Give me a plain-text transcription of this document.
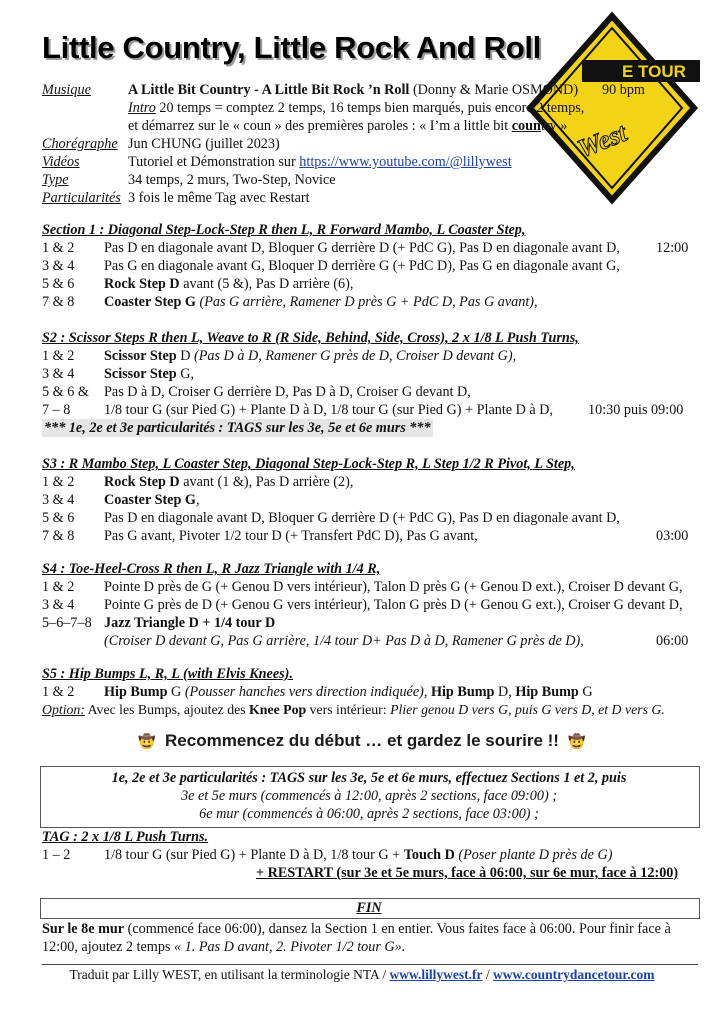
E TOUR
West
Little Country, Little Rock And Roll
Musique	A Little Bit Country - A Little Bit Rock ’n Roll (Donny & Marie OSMOND) 90 bpm
Intro 20 temps = comptez 2 temps, 16 temps bien marqués, puis encore 2 temps,
et démarrez sur le « coun » des premières paroles : « I’m a little bit country »
Chorégraphe Jun CHUNG (juillet 2023)
Vidéos	Tutoriel et Démonstration sur https://www.youtube.com/@lillywest
Type	34 temps, 2 murs, Two-Step, Novice
Particularités 3 fois le même Tag avec Restart
Section 1 : Diagonal Step-Lock-Step R then L, R Forward Mambo, L Coaster Step,
1 & 2 Pas D en diagonale avant D, Bloquer G derrière D (+ PdC G), Pas D en diagonale avant D,	12:00
3 & 4 Pas G en diagonale avant G, Bloquer D derrière G (+ PdC D), Pas G en diagonale avant G,
5 & 6 Rock Step D avant (5 &), Pas D arrière (6),
7 & 8 Coaster Step G (Pas G arrière, Ramener D près G + PdC D, Pas G avant),
S2 : Scissor Steps R then L, Weave to R (R Side, Behind, Side, Cross), 2 x 1/8 L Push Turns,
1 & 2 Scissor Step D (Pas D à D, Ramener G près de D, Croiser D devant G),
3 & 4 Scissor Step G,
5 & 6 & Pas D à D, Croiser G derrière D, Pas D à D, Croiser G devant D,
7 – 8 1/8 tour G (sur Pied G) + Plante D à D, 1/8 tour G (sur Pied G) + Plante D à D, 10:30 puis 09:00
*** 1e, 2e et 3e particularités : TAGS sur les 3e, 5e et 6e murs ***
S3 : R Mambo Step, L Coaster Step, Diagonal Step-Lock-Step R, L Step 1/2 R Pivot, L Step,
1 & 2 Rock Step D avant (1 &), Pas D arrière (2),
3 & 4 Coaster Step G,
5 & 6 Pas D en diagonale avant D, Bloquer G derrière D (+ PdC G), Pas D en diagonale avant D,
7 & 8 Pas G avant, Pivoter 1/2 tour D (+ Transfert PdC D), Pas G avant,	03:00
S4 : Toe-Heel-Cross R then L, R Jazz Triangle with 1/4 R,
1 & 2 Pointe D près de G (+ Genou D vers intérieur), Talon D près G (+ Genou D ext.), Croiser D devant G,
3 & 4 Pointe G près de D (+ Genou G vers intérieur), Talon G près D (+ Genou G ext.), Croiser G devant D,
5–6–7–8 Jazz Triangle D + 1/4 tour D
(Croiser D devant G, Pas G arrière, 1/4 tour D+ Pas D à D, Ramener G près de D),	06:00
S5 : Hip Bumps L, R, L (with Elvis Knees).
1 & 2 Hip Bump G (Pousser hanches vers direction indiquée), Hip Bump D, Hip Bump G
Option: Avec les Bumps, ajoutez des Knee Pop vers intérieur: Plier genou D vers G, puis G vers D, et D vers G.
🤠 Recommencez du début … et gardez le sourire !! 🤠
1e, 2e et 3e particularités : TAGS sur les 3e, 5e et 6e murs, effectuez Sections 1 et 2, puis
3e et 5e murs (commencés à 12:00, après 2 sections, face 09:00) ;
6e mur (commencés à 06:00, après 2 sections, face 03:00) ;
TAG : 2 x 1/8 L Push Turns.
1 – 2 1/8 tour G (sur Pied G) + Plante D à D, 1/8 tour G + Touch D (Poser plante D près de G)
+ RESTART (sur 3e et 5e murs, face à 06:00, sur 6e mur, face à 12:00)
FIN
Sur le 8e mur (commencé face 06:00), dansez la Section 1 en entier. Vous faites face à 06:00. Pour finir face à
12:00, ajoutez 2 temps « 1. Pas D avant, 2. Pivoter 1/2 tour G».
Traduit par Lilly WEST, en utilisant la terminologie NTA / www.lillywest.fr / www.countrydancetour.com
